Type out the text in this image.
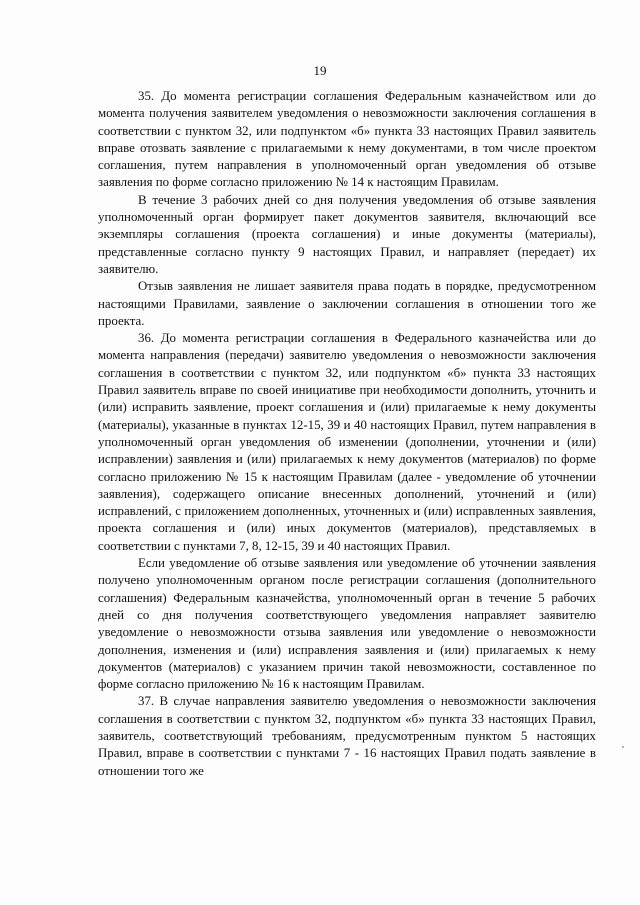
19

35. До момента регистрации соглашения Федеральным казначейством или до момента получения заявителем уведомления о невозможности заключения соглашения в соответствии с пунктом 32, или подпунктом «б» пункта 33 настоящих Правил заявитель вправе отозвать заявление с прилагаемыми к нему документами, в том числе проектом соглашения, путем направления в уполномоченный орган уведомления об отзыве заявления по форме согласно приложению № 14 к настоящим Правилам.

В течение 3 рабочих дней со дня получения уведомления об отзыве заявления уполномоченный орган формирует пакет документов заявителя, включающий все экземпляры соглашения (проекта соглашения) и иные документы (материалы), представленные согласно пункту 9 настоящих Правил, и направляет (передает) их заявителю.

Отзыв заявления не лишает заявителя права подать в порядке, предусмотренном настоящими Правилами, заявление о заключении соглашения в отношении того же проекта.

36. До момента регистрации соглашения в Федерального казначейства или до момента направления (передачи) заявителю уведомления о невозможности заключения соглашения в соответствии с пунктом 32, или подпунктом «б» пункта 33 настоящих Правил заявитель вправе по своей инициативе при необходимости дополнить, уточнить и (или) исправить заявление, проект соглашения и (или) прилагаемые к нему документы (материалы), указанные в пунктах 12-15, 39 и 40 настоящих Правил, путем направления в уполномоченный орган уведомления об изменении (дополнении, уточнении и (или) исправлении) заявления и (или) прилагаемых к нему документов (материалов) по форме согласно приложению № 15 к настоящим Правилам (далее - уведомление об уточнении заявления), содержащего описание внесенных дополнений, уточнений и (или) исправлений, с приложением дополненных, уточненных и (или) исправленных заявления, проекта соглашения и (или) иных документов (материалов), представляемых в соответствии с пунктами 7, 8, 12-15, 39 и 40 настоящих Правил.

Если уведомление об отзыве заявления или уведомление об уточнении заявления получено уполномоченным органом после регистрации соглашения (дополнительного соглашения) Федеральным казначейства, уполномоченный орган в течение 5 рабочих дней со дня получения соответствующего уведомления направляет заявителю уведомление о невозможности отзыва заявления или уведомление о невозможности дополнения, изменения и (или) исправления заявления и (или) прилагаемых к нему документов (материалов) с указанием причин такой невозможности, составленное по форме согласно приложению № 16 к настоящим Правилам.

37. В случае направления заявителю уведомления о невозможности заключения соглашения в соответствии с пунктом 32, подпунктом «б» пункта 33 настоящих Правил, заявитель, соответствующий требованиям, предусмотренным пунктом 5 настоящих Правил, вправе в соответствии с пунктами 7 - 16 настоящих Правил подать заявление в отношении того же
